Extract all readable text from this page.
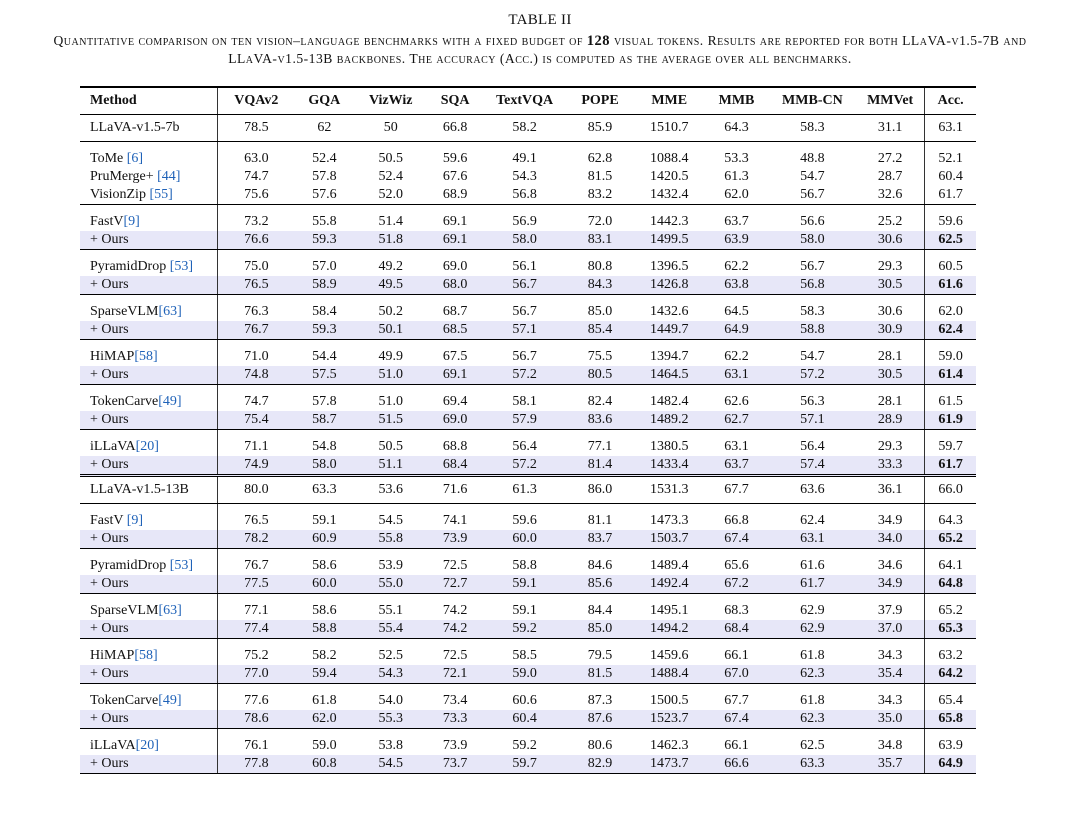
TABLE II
Quantitative comparison on ten vision–language benchmarks with a fixed budget of 128 visual tokens. Results are reported for both LLaVA-v1.5-7B and LLaVA-v1.5-13B backbones. The accuracy (Acc.) is computed as the average over all benchmarks.
Method	VQAv2	GQA	VizWiz	SQA	TextVQA	POPE	MME	MMB	MMB-CN	MMVet	Acc.
LLaVA-v1.5-7b	78.5	62	50	66.8	58.2	85.9	1510.7	64.3	58.3	31.1	63.1
ToMe [6]	63.0	52.4	50.5	59.6	49.1	62.8	1088.4	53.3	48.8	27.2	52.1
PruMerge+ [44]	74.7	57.8	52.4	67.6	54.3	81.5	1420.5	61.3	54.7	28.7	60.4
VisionZip [55]	75.6	57.6	52.0	68.9	56.8	83.2	1432.4	62.0	56.7	32.6	61.7
FastV[9]	73.2	55.8	51.4	69.1	56.9	72.0	1442.3	63.7	56.6	25.2	59.6
+ Ours	76.6	59.3	51.8	69.1	58.0	83.1	1499.5	63.9	58.0	30.6	62.5
PyramidDrop [53]	75.0	57.0	49.2	69.0	56.1	80.8	1396.5	62.2	56.7	29.3	60.5
+ Ours	76.5	58.9	49.5	68.0	56.7	84.3	1426.8	63.8	56.8	30.5	61.6
SparseVLM[63]	76.3	58.4	50.2	68.7	56.7	85.0	1432.6	64.5	58.3	30.6	62.0
+ Ours	76.7	59.3	50.1	68.5	57.1	85.4	1449.7	64.9	58.8	30.9	62.4
HiMAP[58]	71.0	54.4	49.9	67.5	56.7	75.5	1394.7	62.2	54.7	28.1	59.0
+ Ours	74.8	57.5	51.0	69.1	57.2	80.5	1464.5	63.1	57.2	30.5	61.4
TokenCarve[49]	74.7	57.8	51.0	69.4	58.1	82.4	1482.4	62.6	56.3	28.1	61.5
+ Ours	75.4	58.7	51.5	69.0	57.9	83.6	1489.2	62.7	57.1	28.9	61.9
iLLaVA[20]	71.1	54.8	50.5	68.8	56.4	77.1	1380.5	63.1	56.4	29.3	59.7
+ Ours	74.9	58.0	51.1	68.4	57.2	81.4	1433.4	63.7	57.4	33.3	61.7
LLaVA-v1.5-13B	80.0	63.3	53.6	71.6	61.3	86.0	1531.3	67.7	63.6	36.1	66.0
FastV [9]	76.5	59.1	54.5	74.1	59.6	81.1	1473.3	66.8	62.4	34.9	64.3
+ Ours	78.2	60.9	55.8	73.9	60.0	83.7	1503.7	67.4	63.1	34.0	65.2
PyramidDrop [53]	76.7	58.6	53.9	72.5	58.8	84.6	1489.4	65.6	61.6	34.6	64.1
+ Ours	77.5	60.0	55.0	72.7	59.1	85.6	1492.4	67.2	61.7	34.9	64.8
SparseVLM[63]	77.1	58.6	55.1	74.2	59.1	84.4	1495.1	68.3	62.9	37.9	65.2
+ Ours	77.4	58.8	55.4	74.2	59.2	85.0	1494.2	68.4	62.9	37.0	65.3
HiMAP[58]	75.2	58.2	52.5	72.5	58.5	79.5	1459.6	66.1	61.8	34.3	63.2
+ Ours	77.0	59.4	54.3	72.1	59.0	81.5	1488.4	67.0	62.3	35.4	64.2
TokenCarve[49]	77.6	61.8	54.0	73.4	60.6	87.3	1500.5	67.7	61.8	34.3	65.4
+ Ours	78.6	62.0	55.3	73.3	60.4	87.6	1523.7	67.4	62.3	35.0	65.8
iLLaVA[20]	76.1	59.0	53.8	73.9	59.2	80.6	1462.3	66.1	62.5	34.8	63.9
+ Ours	77.8	60.8	54.5	73.7	59.7	82.9	1473.7	66.6	63.3	35.7	64.9
